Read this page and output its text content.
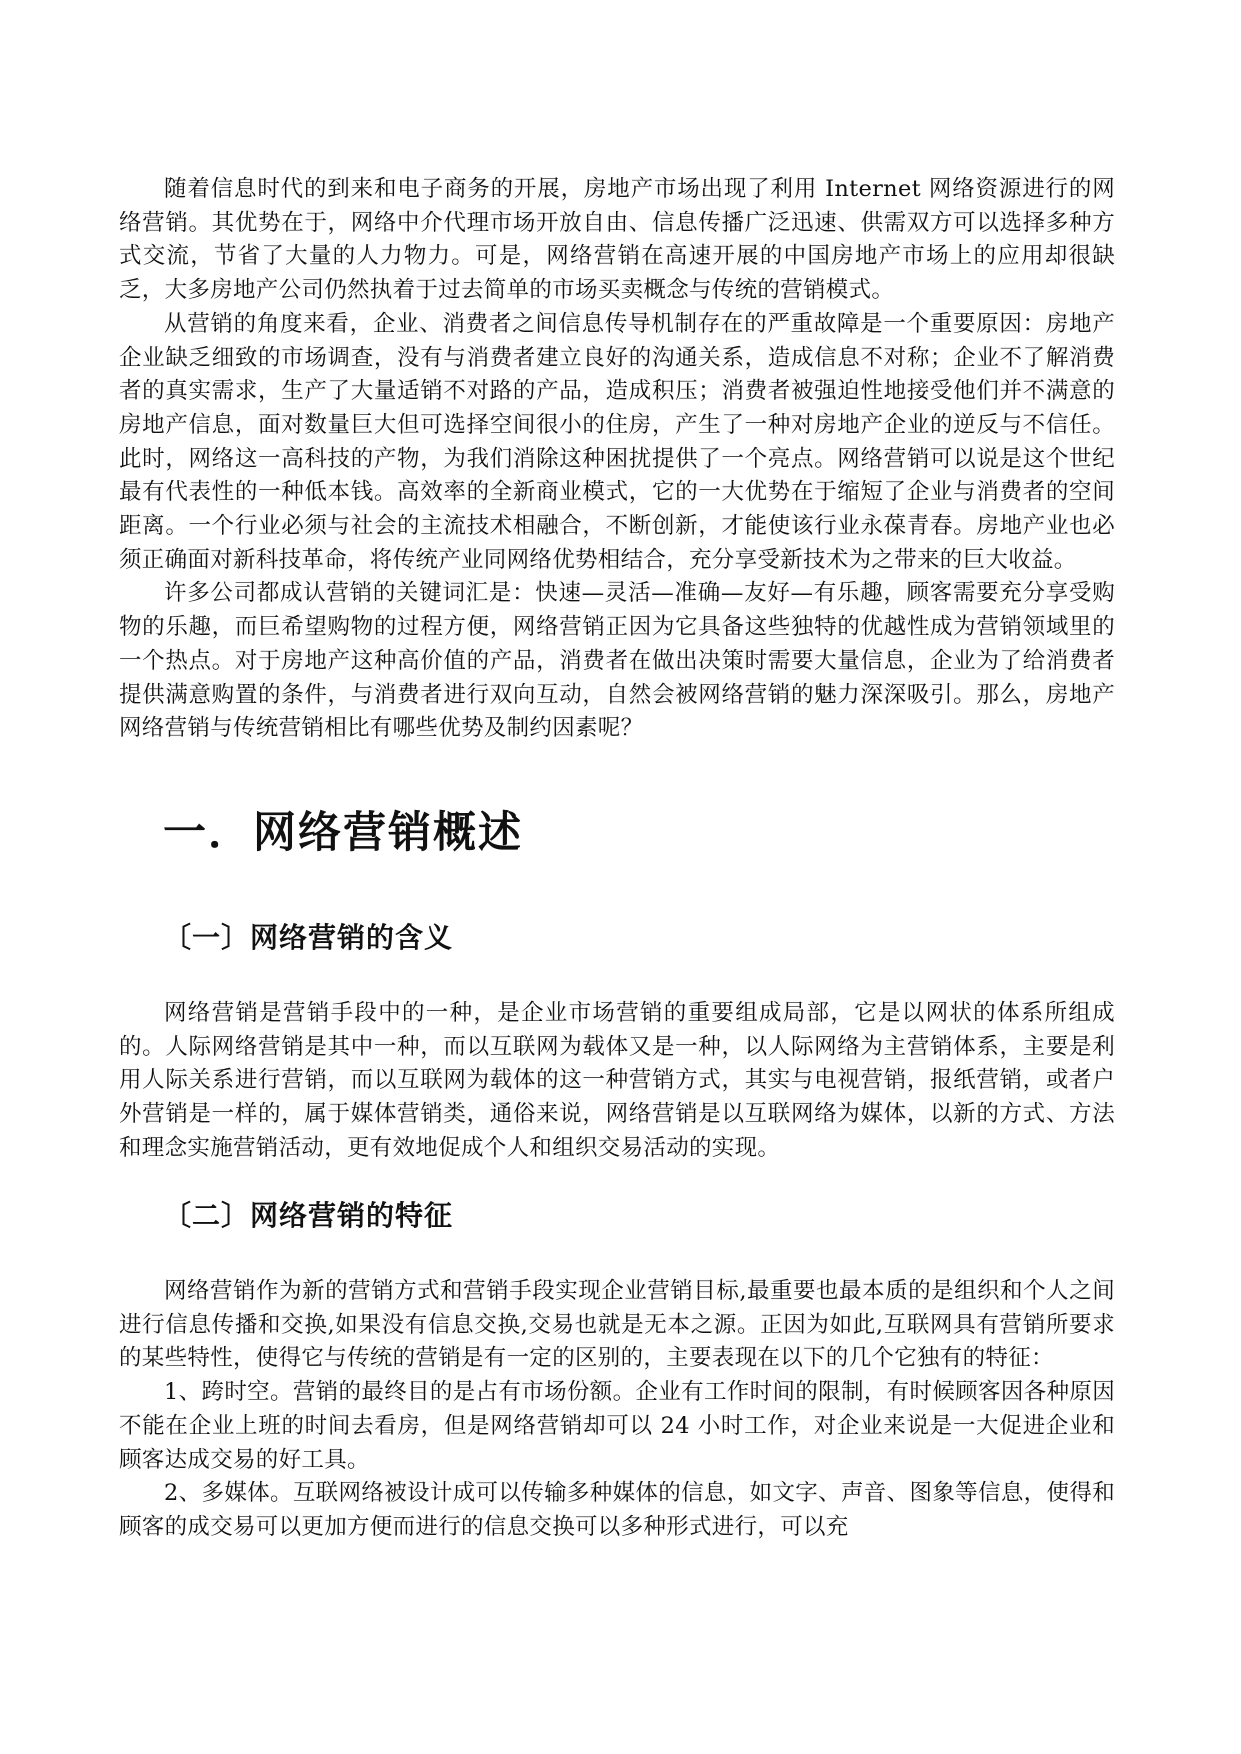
随着信息时代的到来和电子商务的开展，房地产市场出现了利用 Internet 网络资源进行的网络营销。其优势在于，网络中介代理市场开放自由、信息传播广泛迅速、供需双方可以选择多种方式交流，节省了大量的人力物力。可是，网络营销在高速开展的中国房地产市场上的应用却很缺乏，大多房地产公司仍然执着于过去简单的市场买卖概念与传统的营销模式。

从营销的角度来看，企业、消费者之间信息传导机制存在的严重故障是一个重要原因：房地产企业缺乏细致的市场调查，没有与消费者建立良好的沟通关系，造成信息不对称；企业不了解消费者的真实需求，生产了大量适销不对路的产品，造成积压；消费者被强迫性地接受他们并不满意的房地产信息，面对数量巨大但可选择空间很小的住房，产生了一种对房地产企业的逆反与不信任。此时，网络这一高科技的产物，为我们消除这种困扰提供了一个亮点。网络营销可以说是这个世纪最有代表性的一种低本钱。高效率的全新商业模式，它的一大优势在于缩短了企业与消费者的空间距离。一个行业必须与社会的主流技术相融合，不断创新，才能使该行业永葆青春。房地产业也必须正确面对新科技革命，将传统产业同网络优势相结合，充分享受新技术为之带来的巨大收益。

许多公司都成认营销的关键词汇是：快速—灵活—准确—友好—有乐趣，顾客需要充分享受购物的乐趣，而巨希望购物的过程方便，网络营销正因为它具备这些独特的优越性成为营销领域里的一个热点。对于房地产这种高价值的产品，消费者在做出决策时需要大量信息，企业为了给消费者提供满意购置的条件，与消费者进行双向互动，自然会被网络营销的魅力深深吸引。那么，房地产网络营销与传统营销相比有哪些优势及制约因素呢？

一．网络营销概述
〔一〕网络营销的含义

网络营销是营销手段中的一种，是企业市场营销的重要组成局部，它是以网状的体系所组成的。人际网络营销是其中一种，而以互联网为载体又是一种，以人际网络为主营销体系，主要是利用人际关系进行营销，而以互联网为载体的这一种营销方式，其实与电视营销，报纸营销，或者户外营销是一样的，属于媒体营销类，通俗来说，网络营销是以互联网络为媒体，以新的方式、方法和理念实施营销活动，更有效地促成个人和组织交易活动的实现。

〔二〕网络营销的特征

网络营销作为新的营销方式和营销手段实现企业营销目标,最重要也最本质的是组织和个人之间进行信息传播和交换,如果没有信息交换,交易也就是无本之源。正因为如此,互联网具有营销所要求的某些特性，使得它与传统的营销是有一定的区别的，主要表现在以下的几个它独有的特征：

1、跨时空。营销的最终目的是占有市场份额。企业有工作时间的限制，有时候顾客因各种原因不能在企业上班的时间去看房，但是网络营销却可以 24 小时工作，对企业来说是一大促进企业和顾客达成交易的好工具。

2、多媒体。互联网络被设计成可以传输多种媒体的信息，如文字、声音、图象等信息，使得和顾客的成交易可以更加方便而进行的信息交换可以多种形式进行，可以充
